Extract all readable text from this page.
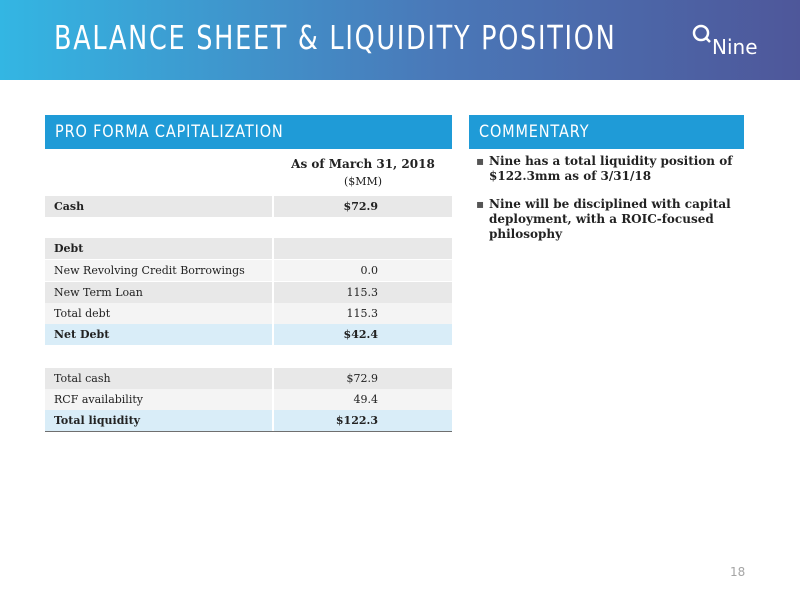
BALANCE SHEET & LIQUIDITY POSITION	Nine
PRO FORMA CAPITALIZATION
As of March 31, 2018
($MM)
Cash	$72.9
Debt
New Revolving Credit Borrowings	0.0
New Term Loan	115.3
Total debt	115.3
Net Debt	$42.4
Total cash	$72.9
RCF availability	49.4
Total liquidity	$122.3
COMMENTARY
▪ Nine has a total liquidity position of $122.3mm as of 3/31/18
▪ Nine will be disciplined with capital deployment, with a ROIC-focused philosophy
18
